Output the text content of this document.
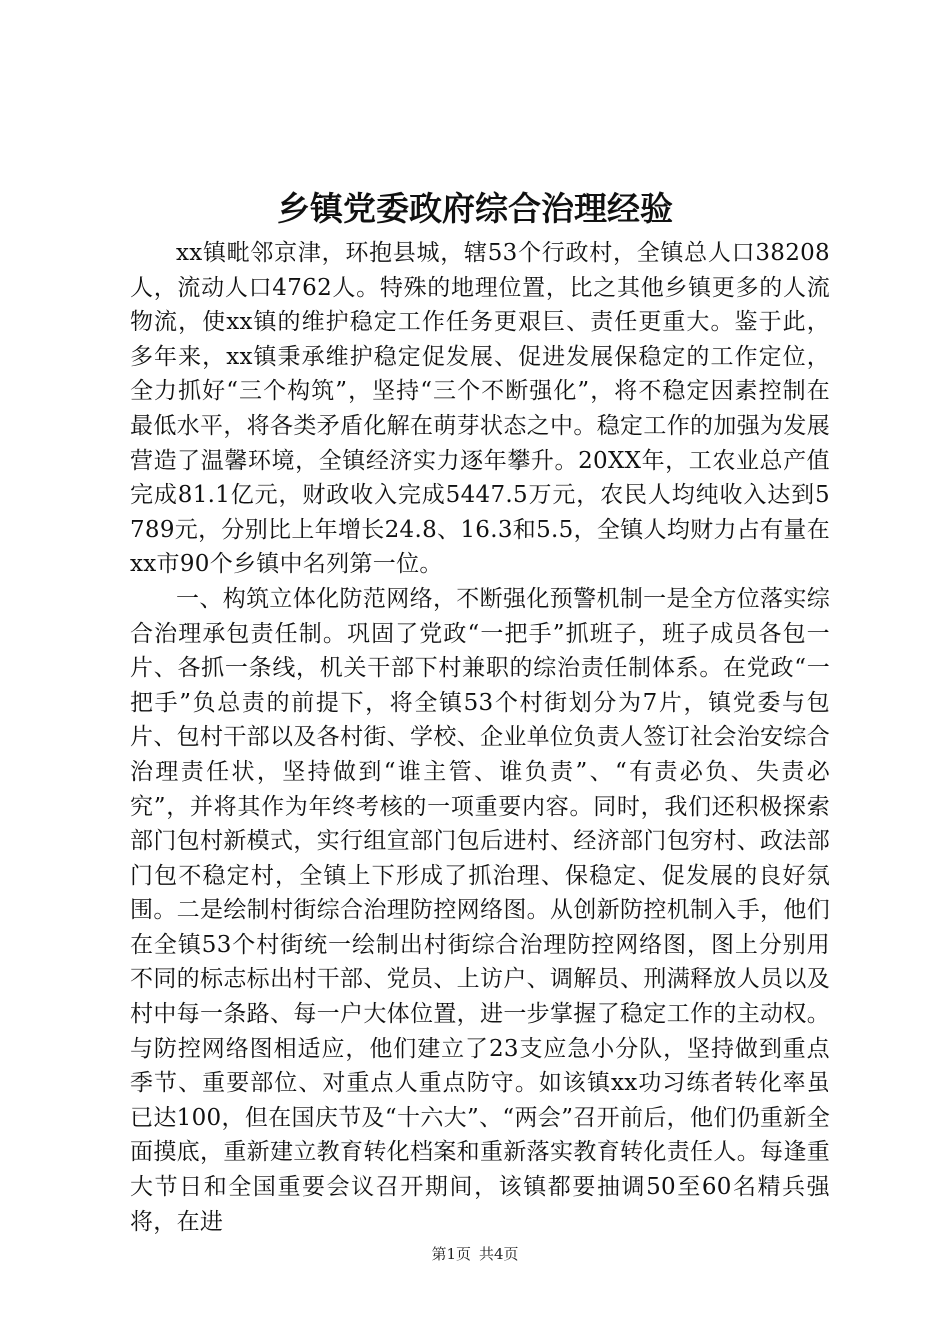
乡镇党委政府综合治理经验

xx镇毗邻京津，环抱县城，辖53个行政村，全镇总人口38208人，流动人口4762人。特殊的地理位置，比之其他乡镇更多的人流物流，使xx镇的维护稳定工作任务更艰巨、责任更重大。鉴于此，多年来，xx镇秉承维护稳定促发展、促进发展保稳定的工作定位，全力抓好“三个构筑”，坚持“三个不断强化”，将不稳定因素控制在最低水平，将各类矛盾化解在萌芽状态之中。稳定工作的加强为发展营造了温馨环境，全镇经济实力逐年攀升。20XX年，工农业总产值完成81.1亿元，财政收入完成5447.5万元，农民人均纯收入达到5789元，分别比上年增长24.8、16.3和5.5，全镇人均财力占有量在xx市90个乡镇中名列第一位。

一、构筑立体化防范网络，不断强化预警机制一是全方位落实综合治理承包责任制。巩固了党政“一把手”抓班子，班子成员各包一片、各抓一条线，机关干部下村兼职的综治责任制体系。在党政“一把手”负总责的前提下，将全镇53个村街划分为7片，镇党委与包片、包村干部以及各村街、学校、企业单位负责人签订社会治安综合治理责任状，坚持做到“谁主管、谁负责”、“有责必负、失责必究”，并将其作为年终考核的一项重要内容。同时，我们还积极探索部门包村新模式，实行组宣部门包后进村、经济部门包穷村、政法部门包不稳定村，全镇上下形成了抓治理、保稳定、促发展的良好氛围。二是绘制村街综合治理防控网络图。从创新防控机制入手，他们在全镇53个村街统一绘制出村街综合治理防控网络图，图上分别用不同的标志标出村干部、党员、上访户、调解员、刑满释放人员以及村中每一条路、每一户大体位置，进一步掌握了稳定工作的主动权。与防控网络图相适应，他们建立了23支应急小分队，坚持做到重点季节、重要部位、对重点人重点防守。如该镇xx功习练者转化率虽已达100，但在国庆节及“十六大”、“两会”召开前后，他们仍重新全面摸底，重新建立教育转化档案和重新落实教育转化责任人。每逢重大节日和全国重要会议召开期间，该镇都要抽调50至60名精兵强将，在进

第1页 共4页
